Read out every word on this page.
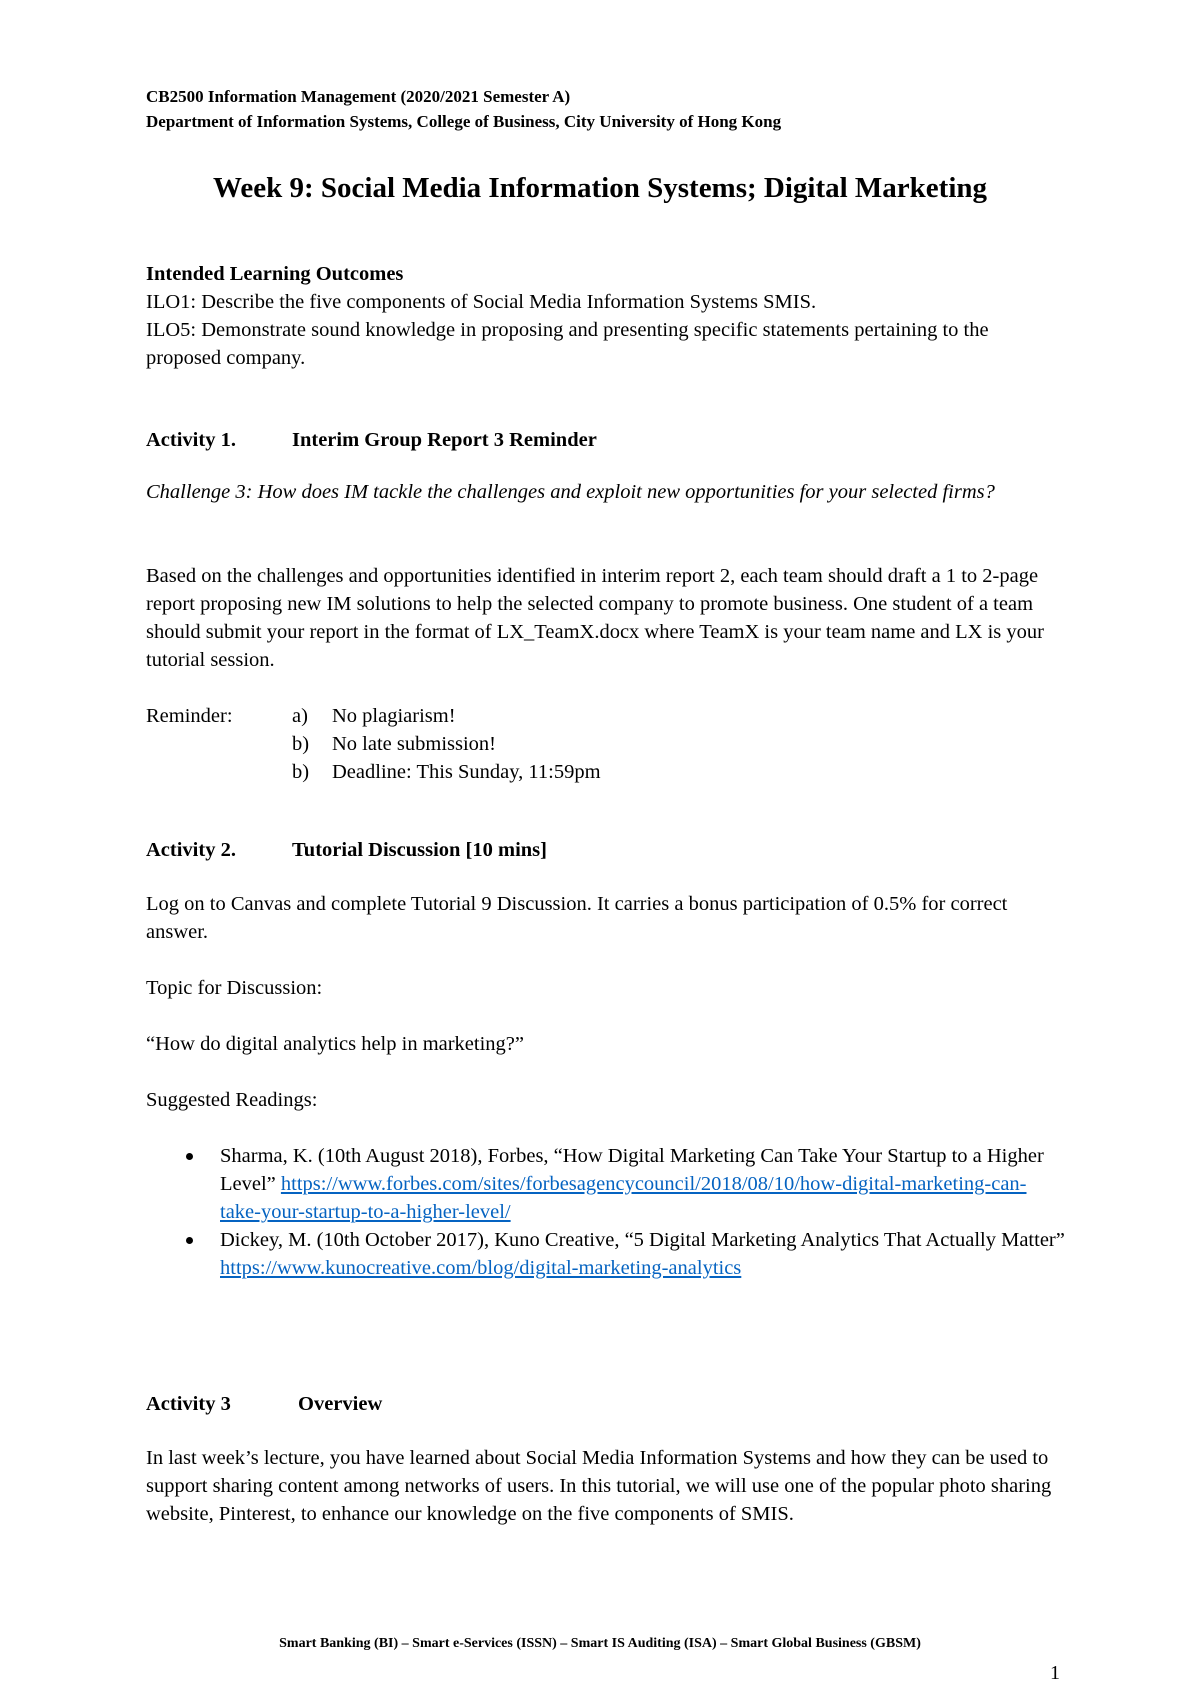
CB2500 Information Management (2020/2021 Semester A)
Department of Information Systems, College of Business, City University of Hong Kong
Week 9: Social Media Information Systems; Digital Marketing
Intended Learning Outcomes
ILO1: Describe the five components of Social Media Information Systems SMIS.
ILO5: Demonstrate sound knowledge in proposing and presenting specific statements pertaining to the proposed company.
Activity 1.	Interim Group Report 3 Reminder
Challenge 3: How does IM tackle the challenges and exploit new opportunities for your selected firms?
Based on the challenges and opportunities identified in interim report 2, each team should draft a 1 to 2-page report proposing new IM solutions to help the selected company to promote business. One student of a team should submit your report in the format of LX_TeamX.docx where TeamX is your team name and LX is your tutorial session.
Reminder:	a) No plagiarism!
b) No late submission!
b) Deadline: This Sunday, 11:59pm
Activity 2.	Tutorial Discussion [10 mins]
Log on to Canvas and complete Tutorial 9 Discussion. It carries a bonus participation of 0.5% for correct answer.
Topic for Discussion:
“How do digital analytics help in marketing?”
Suggested Readings:
Sharma, K. (10th August 2018), Forbes, “How Digital Marketing Can Take Your Startup to a Higher Level” https://www.forbes.com/sites/forbesagencycouncil/2018/08/10/how-digital-marketing-can-take-your-startup-to-a-higher-level/
Dickey, M. (10th October 2017), Kuno Creative, “5 Digital Marketing Analytics That Actually Matter” https://www.kunocreative.com/blog/digital-marketing-analytics
Activity 3	Overview
In last week’s lecture, you have learned about Social Media Information Systems and how they can be used to support sharing content among networks of users. In this tutorial, we will use one of the popular photo sharing website, Pinterest, to enhance our knowledge on the five components of SMIS.
Smart Banking (BI) – Smart e-Services (ISSN) – Smart IS Auditing (ISA) – Smart Global Business (GBSM)
1
